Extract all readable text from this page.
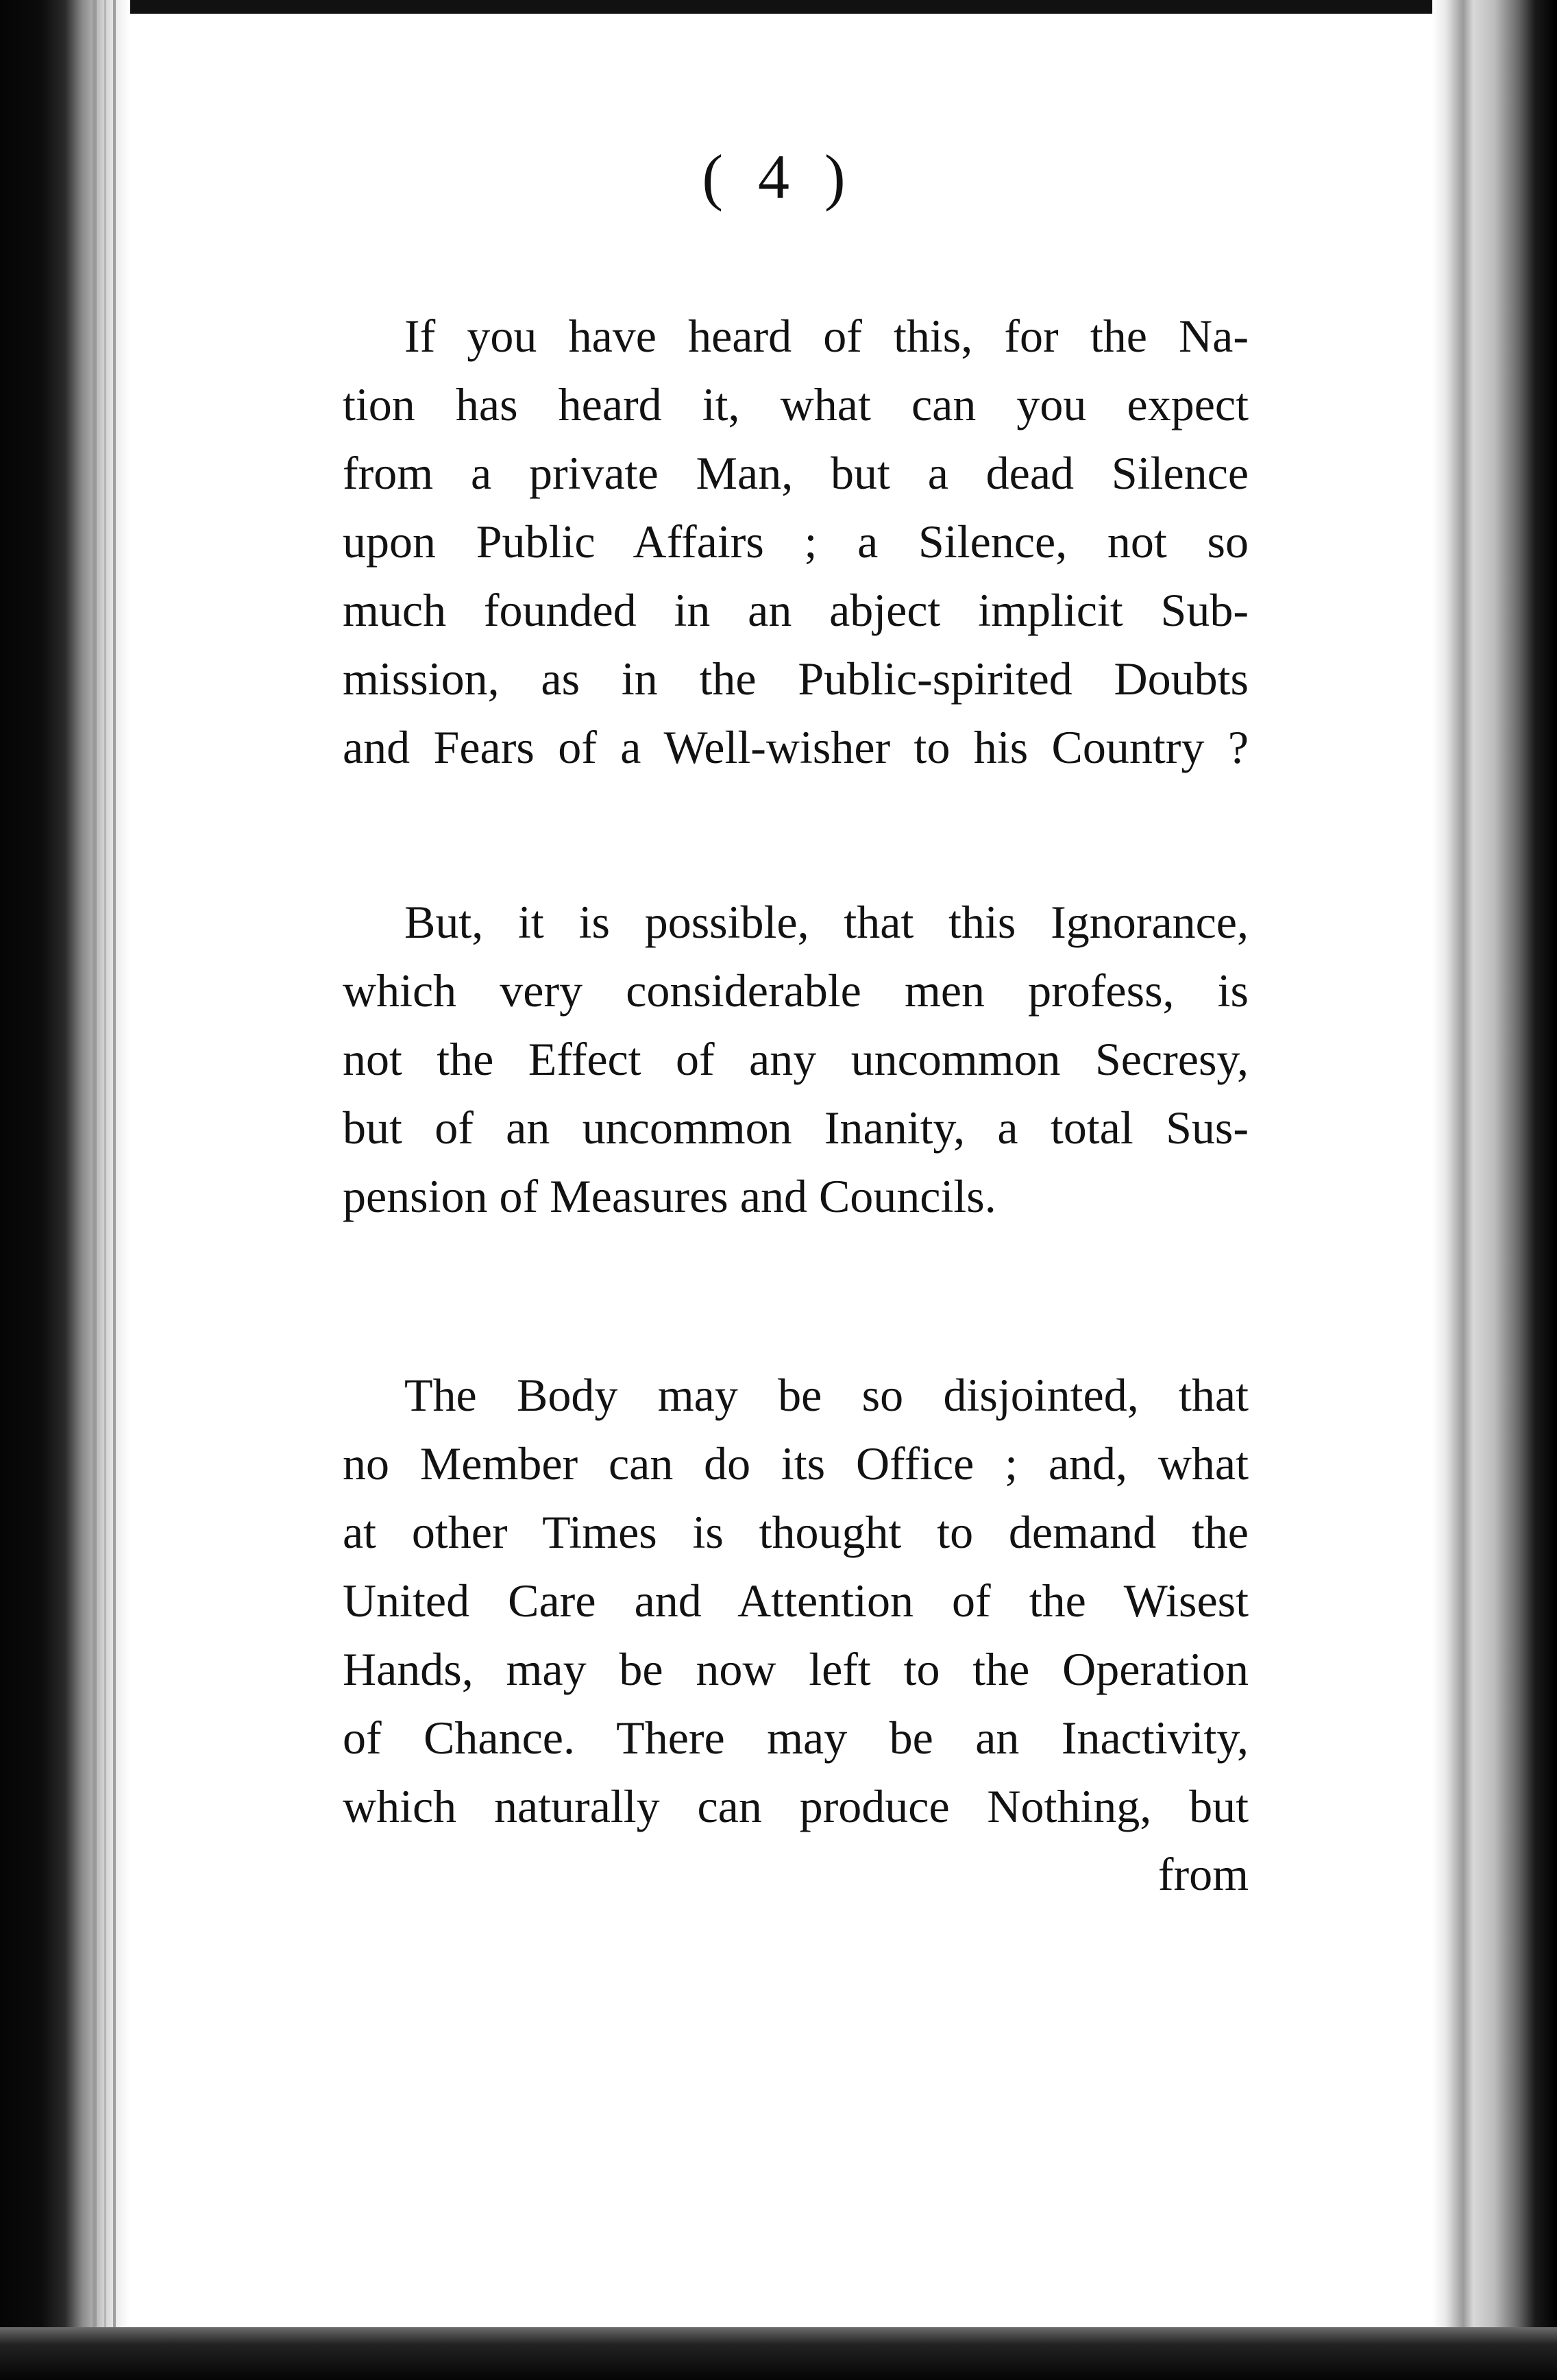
( 4 )
If you have heard of this, for the Na-
tion has heard it, what can you expect
from a private Man, but a dead Silence
upon Public Affairs ; a Silence, not so
much founded in an abject implicit Sub-
mission, as in the Public-spirited Doubts
and Fears of a Well-wisher to his Country ?
But, it is possible, that this Ignorance,
which very considerable men profess, is
not the Effect of any uncommon Secresy,
but of an uncommon Inanity, a total Sus-
pension of Measures and Councils.
The Body may be so disjointed, that
no Member can do its Office ; and, what
at other Times is thought to demand the
United Care and Attention of the Wisest
Hands, may be now left to the Operation
of Chance. There may be an Inactivity,
which naturally can produce Nothing, but
from
